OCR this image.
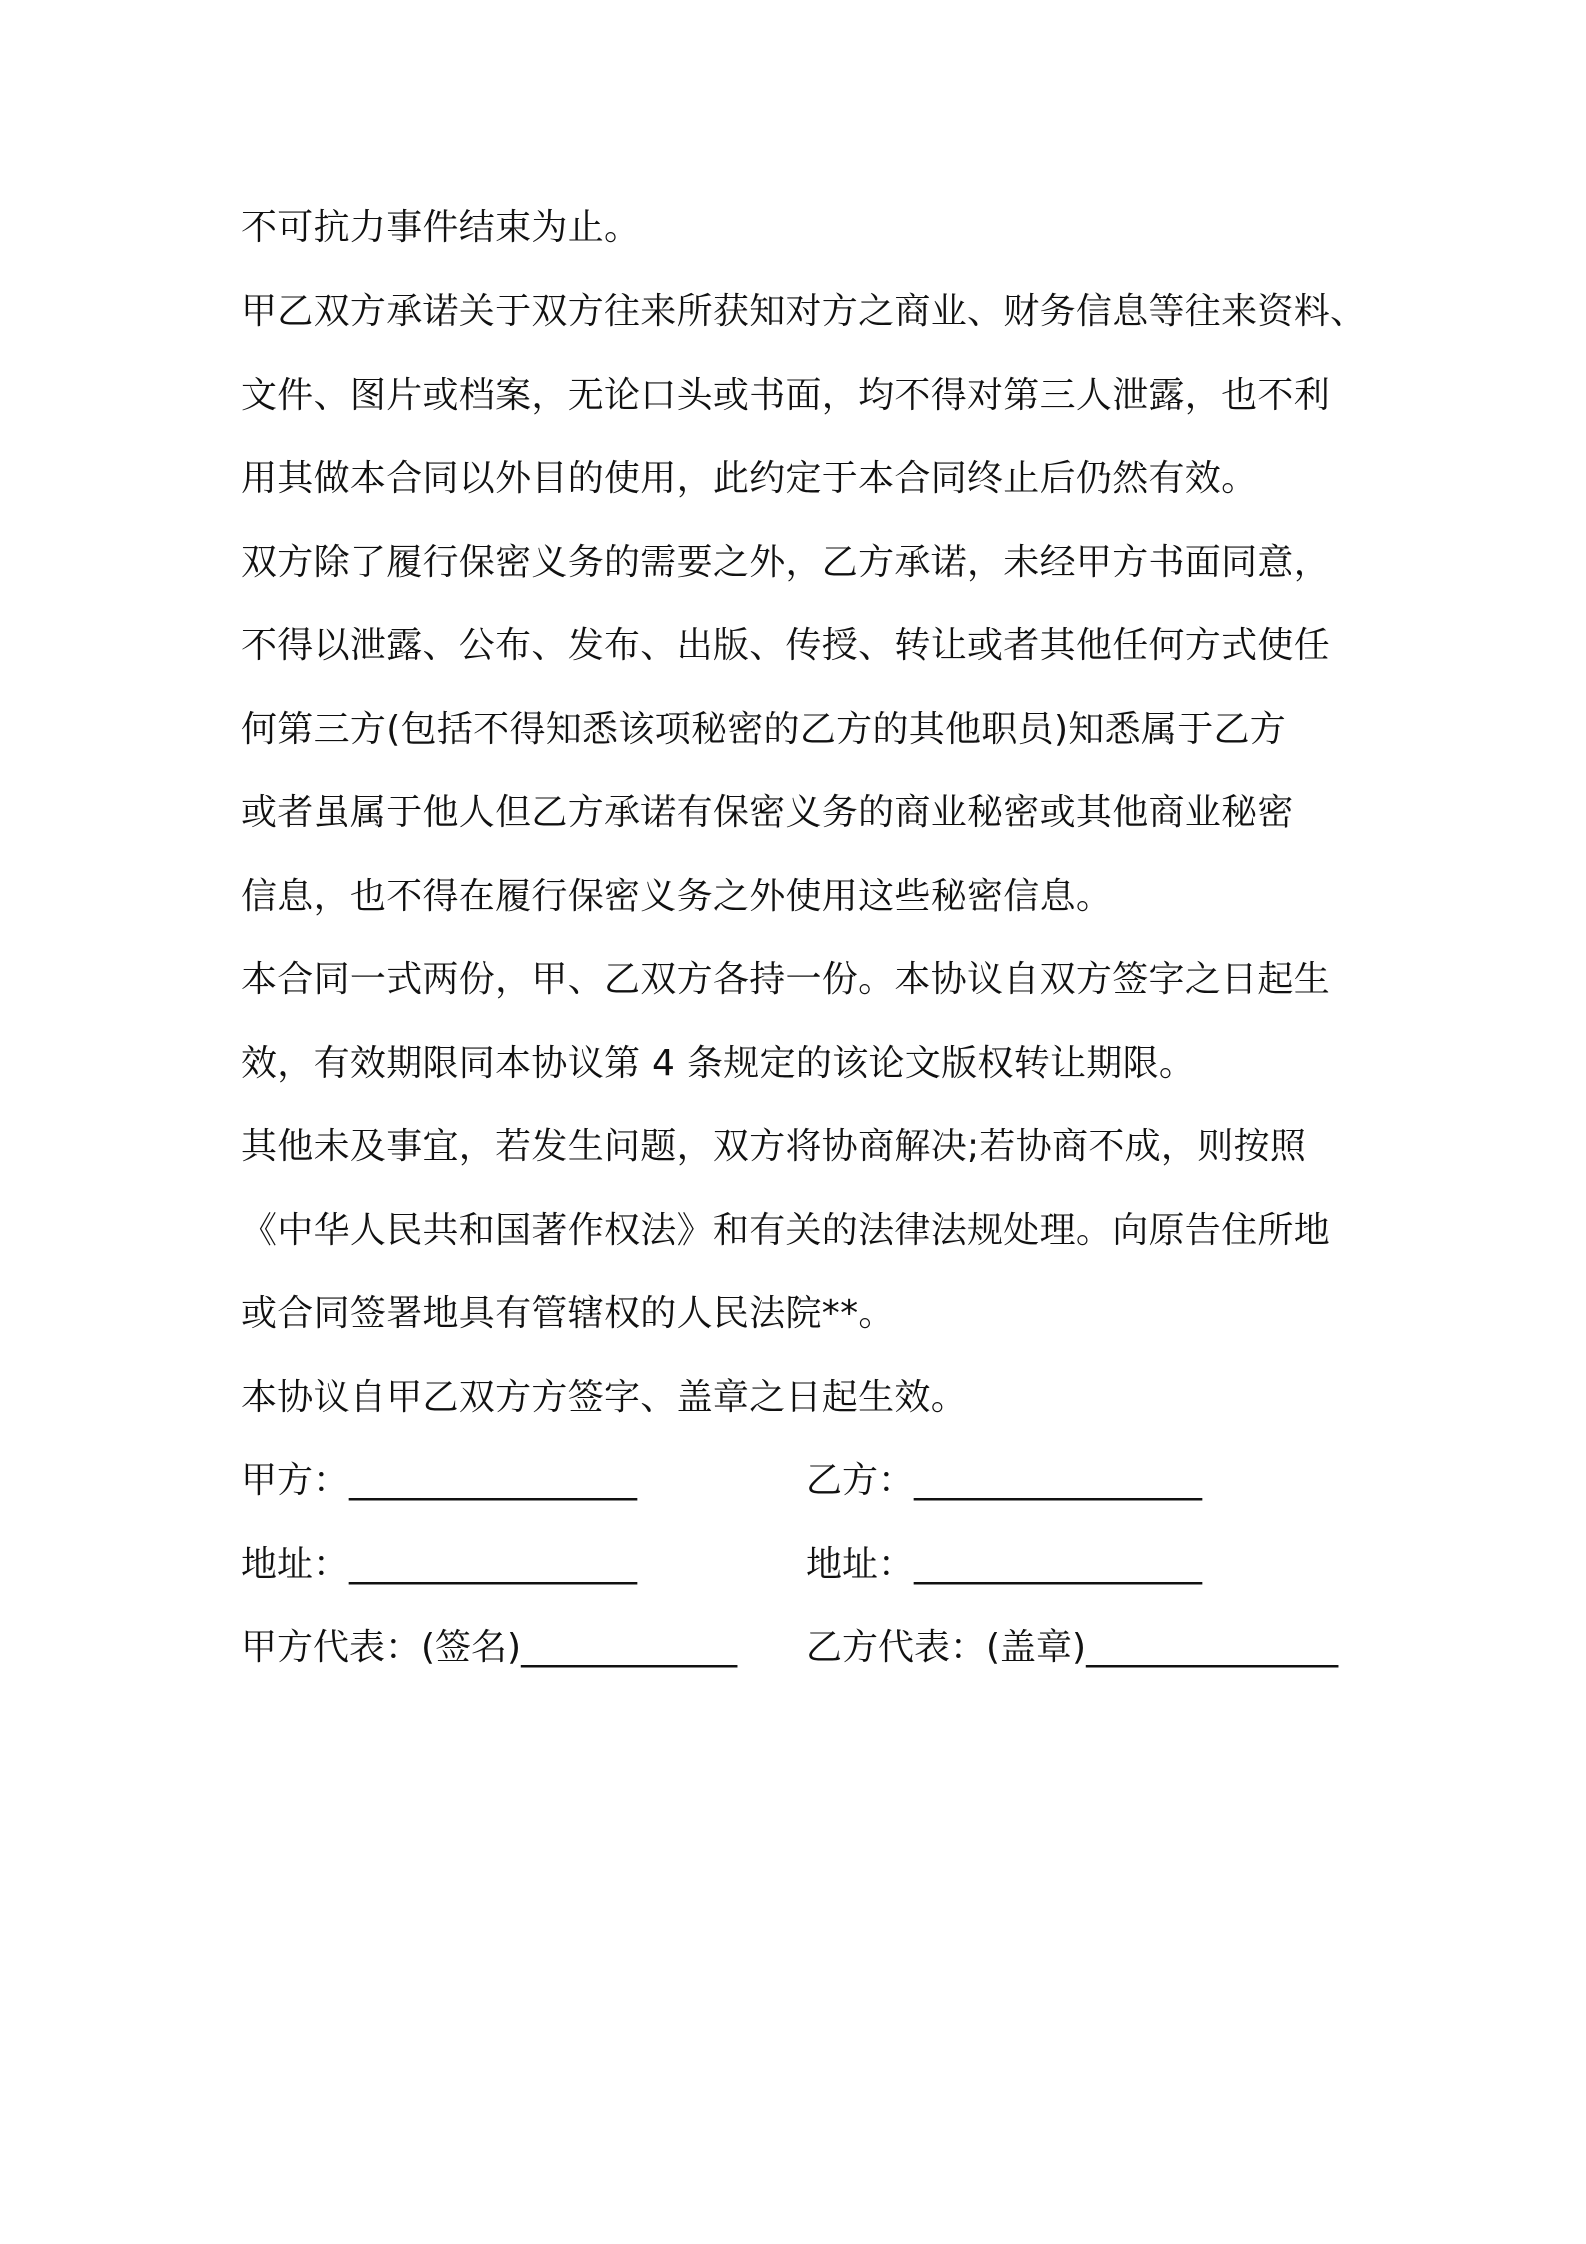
不可抗力事件结束为止。
甲乙双方承诺关于双方往来所获知对方之商业、财务信息等往来资料、
文件、图片或档案，无论口头或书面，均不得对第三人泄露，也不利
用其做本合同以外目的使用，此约定于本合同终止后仍然有效。
双方除了履行保密义务的需要之外，乙方承诺，未经甲方书面同意，
不得以泄露、公布、发布、出版、传授、转让或者其他任何方式使任
何第三方(包括不得知悉该项秘密的乙方的其他职员)知悉属于乙方
或者虽属于他人但乙方承诺有保密义务的商业秘密或其他商业秘密
信息，也不得在履行保密义务之外使用这些秘密信息。
本合同一式两份，甲、乙双方各持一份。本协议自双方签字之日起生
效，有效期限同本协议第 4 条规定的该论文版权转让期限。
其他未及事宜，若发生问题，双方将协商解决;若协商不成，则按照
《中华人民共和国著作权法》和有关的法律法规处理。向原告住所地
或合同签署地具有管辖权的人民法院**。
本协议自甲乙双方方签字、盖章之日起生效。
甲方：________________	乙方：________________
地址：________________	地址：________________
甲方代表：(签名)____________ 乙方代表：(盖章)______________
